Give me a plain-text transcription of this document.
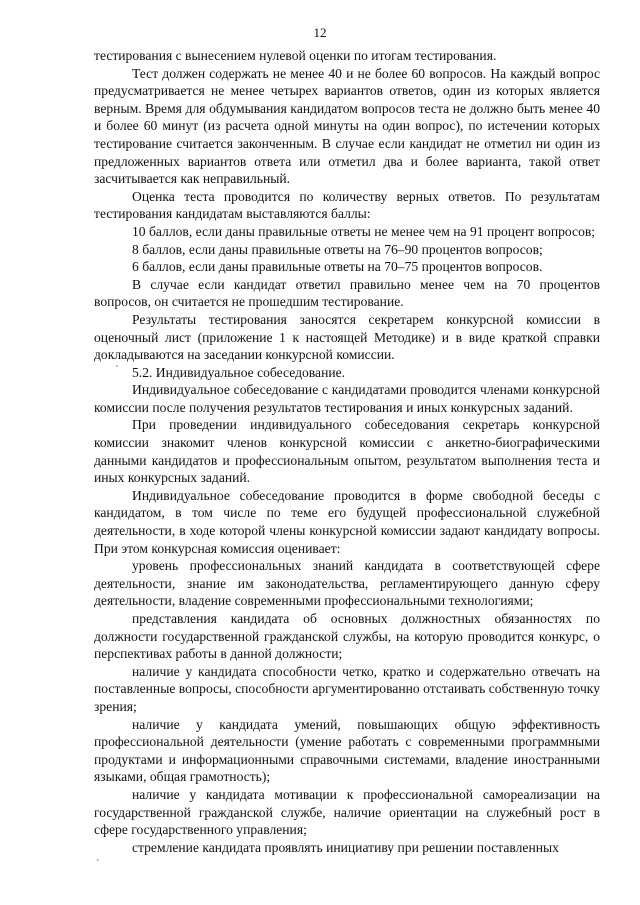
12

тестирования с вынесением нулевой оценки по итогам тестирования.

Тест должен содержать не менее 40 и не более 60 вопросов. На каждый вопрос предусматривается не менее четырех вариантов ответов, один из которых является верным. Время для обдумывания кандидатом вопросов теста не должно быть менее 40 и более 60 минут (из расчета одной минуты на один вопрос), по истечении которых тестирование считается законченным. В случае если кандидат не отметил ни один из предложенных вариантов ответа или отметил два и более варианта, такой ответ засчитывается как неправильный.

Оценка теста проводится по количеству верных ответов. По результатам тестирования кандидатам выставляются баллы:

10 баллов, если даны правильные ответы не менее чем на 91 процент вопросов;

8 баллов, если даны правильные ответы на 76–90 процентов вопросов;

6 баллов, если даны правильные ответы на 70–75 процентов вопросов.

В случае если кандидат ответил правильно менее чем на 70 процентов вопросов, он считается не прошедшим тестирование.

Результаты тестирования заносятся секретарем конкурсной комиссии в оценочный лист (приложение 1 к настоящей Методике) и в виде краткой справки докладываются на заседании конкурсной комиссии.

5.2. Индивидуальное собеседование.

Индивидуальное собеседование с кандидатами проводится членами конкурсной комиссии после получения результатов тестирования и иных конкурсных заданий.

При проведении индивидуального собеседования секретарь конкурсной комиссии знакомит членов конкурсной комиссии с анкетно-биографическими данными кандидатов и профессиональным опытом, результатом выполнения теста и иных конкурсных заданий.

Индивидуальное собеседование проводится в форме свободной беседы с кандидатом, в том числе по теме его будущей профессиональной служебной деятельности, в ходе которой члены конкурсной комиссии задают кандидату вопросы. При этом конкурсная комиссия оценивает:

уровень профессиональных знаний кандидата в соответствующей сфере деятельности, знание им законодательства, регламентирующего данную сферу деятельности, владение современными профессиональными технологиями;

представления кандидата об основных должностных обязанностях по должности государственной гражданской службы, на которую проводится конкурс, о перспективах работы в данной должности;

наличие у кандидата способности четко, кратко и содержательно отвечать на поставленные вопросы, способности аргументированно отстаивать собственную точку зрения;

наличие у кандидата умений, повышающих общую эффективность профессиональной деятельности (умение работать с современными программными продуктами и информационными справочными системами, владение иностранными языками, общая грамотность);

наличие у кандидата мотивации к профессиональной самореализации на государственной гражданской службе, наличие ориентации на служебный рост в сфере государственного управления;

стремление кандидата проявлять инициативу при решении поставленных

ˋ
ˋ
